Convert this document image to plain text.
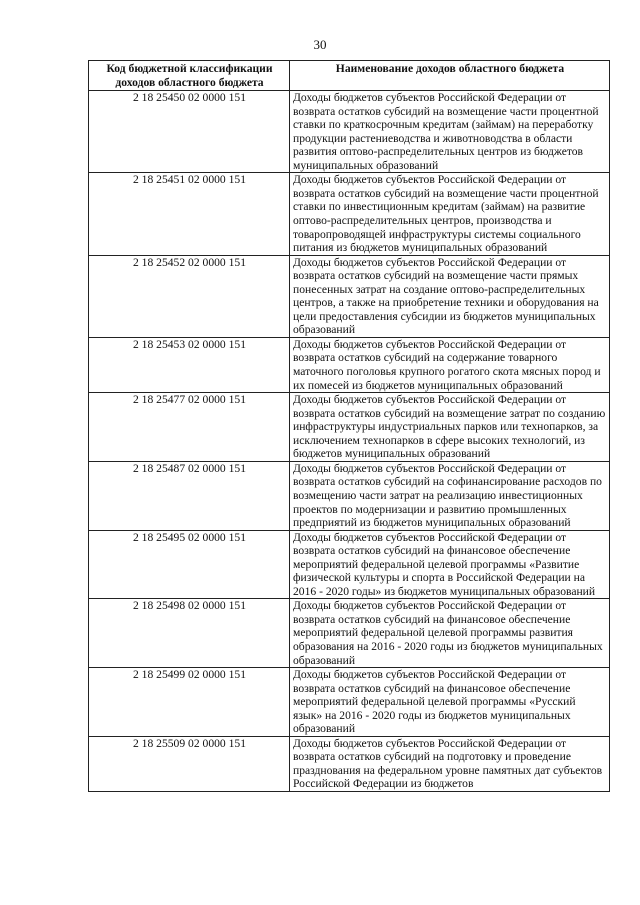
30
Код бюджетной классификации доходов областного бюджета	Наименование доходов областного бюджета
2 18 25450 02 0000 151	Доходы бюджетов субъектов Российской Федерации от возврата остатков субсидий на возмещение части процентной ставки по краткосрочным кредитам (займам) на переработку продукции растениеводства и животноводства в области развития оптово-распределительных центров из бюджетов муниципальных образований
2 18 25451 02 0000 151	Доходы бюджетов субъектов Российской Федерации от возврата остатков субсидий на возмещение части процентной ставки по инвестиционным кредитам (займам) на развитие оптово-распределительных центров, производства и товаропроводящей инфраструктуры системы социального питания из бюджетов муниципальных образований
2 18 25452 02 0000 151	Доходы бюджетов субъектов Российской Федерации от возврата остатков субсидий на возмещение части прямых понесенных затрат на создание оптово-распределительных центров, а также на приобретение техники и оборудования на цели предоставления субсидии из бюджетов муниципальных образований
2 18 25453 02 0000 151	Доходы бюджетов субъектов Российской Федерации от возврата остатков субсидий на содержание товарного маточного поголовья крупного рогатого скота мясных пород и их помесей из бюджетов муниципальных образований
2 18 25477 02 0000 151	Доходы бюджетов субъектов Российской Федерации от возврата остатков субсидий на возмещение затрат по созданию инфраструктуры индустриальных парков или технопарков, за исключением технопарков в сфере высоких технологий, из бюджетов муниципальных образований
2 18 25487 02 0000 151	Доходы бюджетов субъектов Российской Федерации от возврата остатков субсидий на софинансирование расходов по возмещению части затрат на реализацию инвестиционных проектов по модернизации и развитию промышленных предприятий из бюджетов муниципальных образований
2 18 25495 02 0000 151	Доходы бюджетов субъектов Российской Федерации от возврата остатков субсидий на финансовое обеспечение мероприятий федеральной целевой программы «Развитие физической культуры и спорта в Российской Федерации на 2016 - 2020 годы» из бюджетов муниципальных образований
2 18 25498 02 0000 151	Доходы бюджетов субъектов Российской Федерации от возврата остатков субсидий на финансовое обеспечение мероприятий федеральной целевой программы развития образования на 2016 - 2020 годы из бюджетов муниципальных образований
2 18 25499 02 0000 151	Доходы бюджетов субъектов Российской Федерации от возврата остатков субсидий на финансовое обеспечение мероприятий федеральной целевой программы «Русский язык» на 2016 - 2020 годы из бюджетов муниципальных образований
2 18 25509 02 0000 151	Доходы бюджетов субъектов Российской Федерации от возврата остатков субсидий на подготовку и проведение празднования на федеральном уровне памятных дат субъектов Российской Федерации из бюджетов
